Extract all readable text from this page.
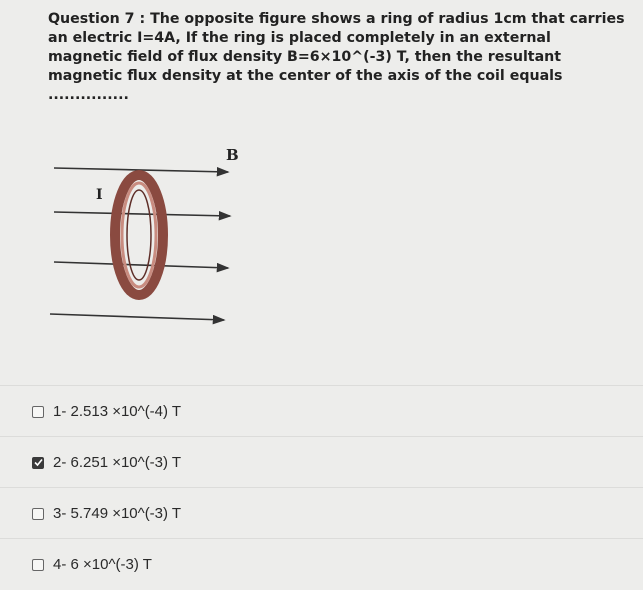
Question 7 : The opposite figure shows a ring of radius 1cm that carries an electric I=4A, If the ring is placed completely in an external magnetic field of flux density B=6×10^(-3) T, then the resultant magnetic flux density at the center of the axis of the coil equals ...............

B
I
1- 2.513 ×10^(-4) T
2- 6.251 ×10^(-3) T
3- 5.749 ×10^(-3) T
4- 6 ×10^(-3) T
